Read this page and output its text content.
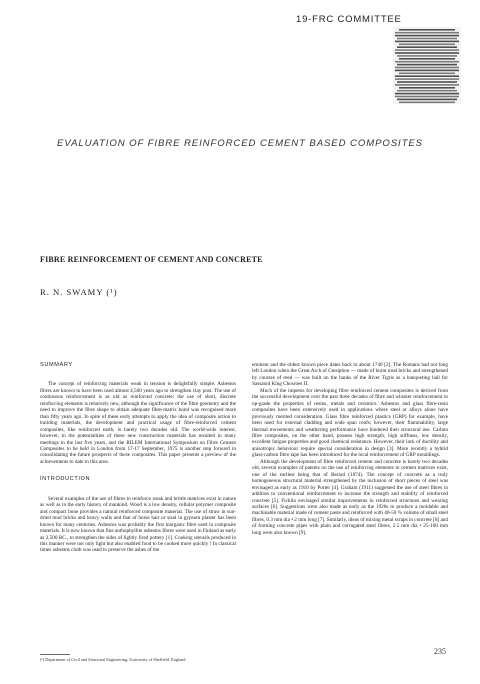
19-FRC COMMITTEE
EVALUATION OF FIBRE REINFORCED CEMENT BASED COMPOSITES
FIBRE REINFORCEMENT OF CEMENT AND CONCRETE
R. N. SWAMY (¹)
SUMMARY

The concept of reinforcing materials weak in tension is delightfully simple. Asbestos fibres are known to have been used almost 4,500 years ago to strengthen clay post. The use of continuous reinforcement is as old as reinforced concrete; the use of short, discrete reinforcing elements is relatively new, although the significance of the fibre geometry and the need to improve the fibre shape to obtain adequate fibre-matrix bond was recognised more than fifty years ago. In spite of these early attempts to apply the idea of composite action to building materials, the development and practical usage of fibre-reinforced cement composites, like reinforced earth, is barely two decades old. The world-wide interest, however, in the potentialities of these new construction materials has resulted in many meetings in the last five years, and the RILEM International Symposium on Fibre Cement Composites to be held in London from 17-17 September, 1975 is another step forward in consolidating the future prospects of these composites. This paper presents a preview of the achievements to date in this area.

INTRODUCTION

Several examples of the use of fibres to reinforce weak and brittle matrices exist in nature as well as in the early history of mankind. Wood is a low density, cellular polymer composite and compact bone provides a natural reinforced composite material. The use of straw in sun-dried mud bricks and heavy walls and that of horse hair or sisal in gypsum plaster has been known for many centuries. Asbestos was probably the first inorganic fibre used in composite materials. It is now known that fine anthophyllite asbestos fibres were used in Finland as early as 2,500 BC., to strengthen the sides of lightly fired pottery [1]. Cooking utensils produced in this manner were not only light but also enabled food to be cooked more quickly ! In classical times asbestos cloth was used to preserve the ashes of the

eminent and the oldest known piece dates back to about 1740 [2]. The Romans had not long left London when the Great Arch of Ctesiphon — made of burnt mud bricks and strengthened by courses of reed — was built on the banks of the River Tigris as a banqueting hall for Sassanid King Chosroes II.

Much of the impetus for developing fibre reinforced cement composites is derived from the successful development over the past three decades of fibre and whisker reinforcement to up-grade the properties of resins, metals and ceramics. Asbestos and glass fibre-resin composites have been extensively used in applications where steel or alloys alone have previously merited consideration. Glass fibre reinforced plastics (GRP) for example, have been used for external cladding and wide span roofs; however, their flammability, large thermal movements and weathering performance have hindered their structural use. Carbon fibre composites, on the other hand, possess high strength, high stiffness, low density, excellent fatigue properties and good chemical resistance. However, their lack of ductility and anisotropic behaviour require special consideration in design [3]. More recently a hybrid glass-carbon fibre tape has been introduced for the local reinforcement of GRP mouldings.

Although the development of fibre reinforced cement and concrete is barely two decades old, several examples of patents on the use of reinforcing elements in cement matrices exist, one of the earliest being that of Berard (1874). The concept of concrete as a truly homogeneous structural material strengthened by the inclusion of short pieces of steel was envisaged as early as 1910 by Porter [4]. Graham (1911) suggested the use of steel fibres in addition to conventional reinforcement to increase the strength and stability of reinforced concrete [5]. Ficklin envisaged similar improvements in reinforced structures and wearing surfaces [6]. Suggestions were also made as early as the 1920s to produce a moldable and machinable material made of cement paste and reinforced with 40-50 % volume of small steel fibres, 0.3 mm dia • 2 mm long [7]. Similarly, ideas of mixing metal scraps in concrete [8] and of forming concrete pipes with plain and corrugated steel fibres, 2.5 mm dia • 25-100 mm long were also known [9].

(¹) Department of Civil and Structural Engineering, University of Sheffield, England.
235
